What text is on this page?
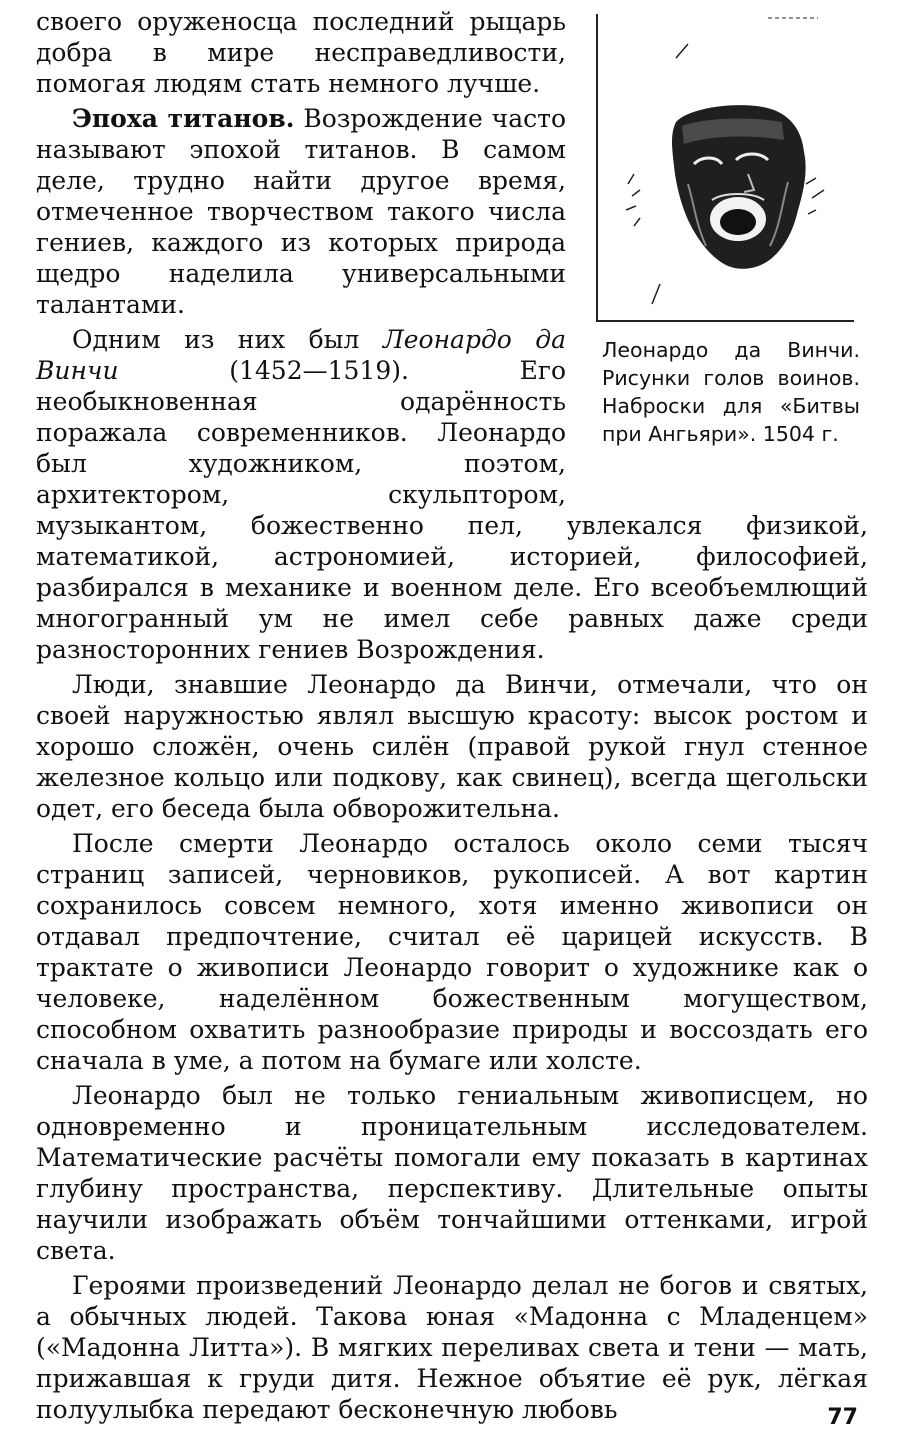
Леонардо да Винчи. Рисунки голов воинов. Наброски для «Битвы при Ангьяри». 1504 г.

своего оруженосца последний рыцарь добра в мире несправедливости, помогая людям стать немного лучше.

Эпоха титанов. Возрождение часто называют эпохой титанов. В самом деле, трудно найти другое время, отмеченное творчеством такого числа гениев, каждого из которых природа щедро наделила универсальными талантами.

Одним из них был Леонардо да Винчи (1452—1519). Его необыкновенная одарённость поражала современников. Леонардо был художником, поэтом, архитектором, скульптором, музыкантом, божественно пел, увлекался физикой, математикой, астрономией, историей, философией, разбирался в механике и военном деле. Его всеобъемлющий многогранный ум не имел себе равных даже среди разносторонних гениев Возрождения.

Люди, знавшие Леонардо да Винчи, отмечали, что он своей наружностью являл высшую красоту: высок ростом и хорошо сложён, очень силён (правой рукой гнул стенное железное кольцо или подкову, как свинец), всегда щегольски одет, его беседа была обворожительна.

После смерти Леонардо осталось около семи тысяч страниц записей, черновиков, рукописей. А вот картин сохранилось совсем немного, хотя именно живописи он отдавал предпочтение, считал её царицей искусств. В трактате о живописи Леонардо говорит о художнике как о человеке, наделённом божественным могуществом, способном охватить разнообразие природы и воссоздать его сначала в уме, а потом на бумаге или холсте.

Леонардо был не только гениальным живописцем, но одновременно и проницательным исследователем. Математические расчёты помогали ему показать в картинах глубину пространства, перспективу. Длительные опыты научили изображать объём тончайшими оттенками, игрой света.

Героями произведений Леонардо делал не богов и святых, а обычных людей. Такова юная «Мадонна с Младенцем» («Мадонна Литта»). В мягких переливах света и тени — мать, прижавшая к груди дитя. Нежное объятие её рук, лёгкая полуулыбка передают бесконечную любовь	77
